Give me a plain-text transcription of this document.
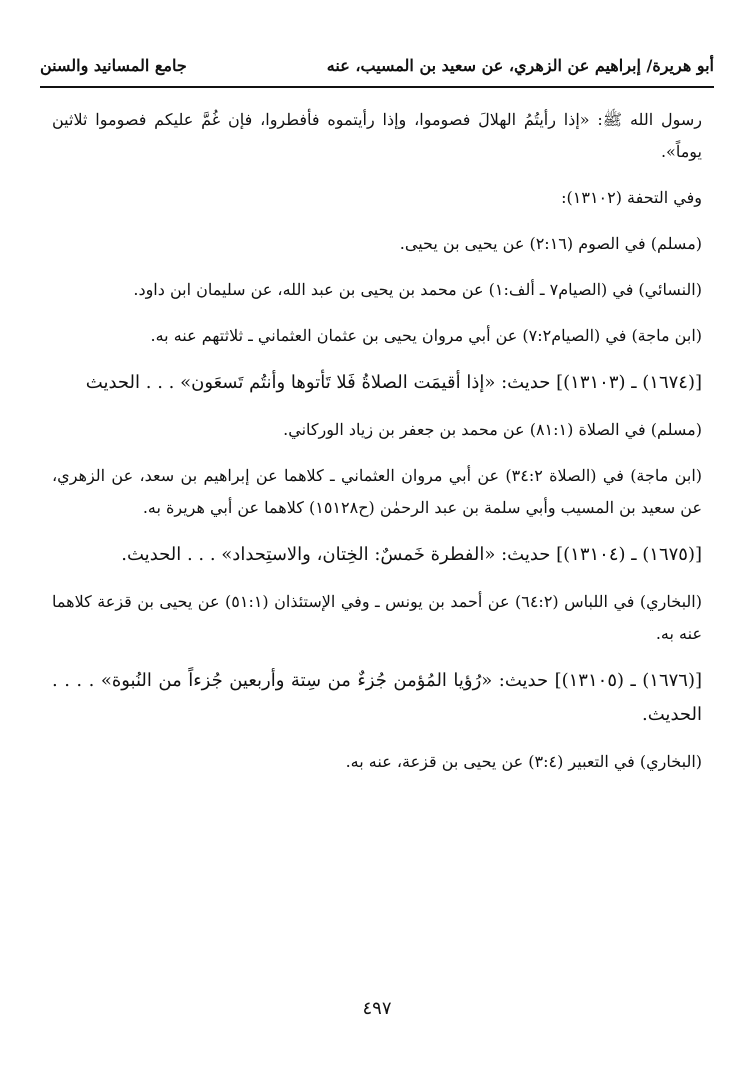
أبو هريرة/ إبراهيم عن الزهري، عن سعيد بن المسيب، عنه
جامع المسانيد والسنن

رسول الله ﷺ: «إذا رأيتُمُ الهلالَ فصوموا، وإذا رأيتموه فأفطروا، فإن غُمَّ عليكم فصوموا ثلاثين يوماً».

وفي التحفة (١٣١٠٢):

(مسلم) في الصوم (٢:١٦) عن يحيى بن يحيى.

(النسائي) في (الصيام٧ ـ ألف:١) عن محمد بن يحيى بن عبد الله، عن سليمان ابن داود.

(ابن ماجة) في (الصيام٧:٢) عن أبي مروان يحيى بن عثمان العثماني ـ ثلاثتهم عنه به.

[(١٦٧٤) ـ (١٣١٠٣)] حديث: «إذا أقيمَت الصلاةُ فَلا تَأتوها وأنتُم تَسعَون» . . . الحديث

(مسلم) في الصلاة (٨١:١) عن محمد بن جعفر بن زياد الوركاني.

(ابن ماجة) في (الصلاة ٣٤:٢) عن أبي مروان العثماني ـ كلاهما عن إبراهيم بن سعد، عن الزهري، عن سعيد بن المسيب وأبي سلمة بن عبد الرحمٰن (ح١٥١٢٨) كلاهما عن أبي هريرة به.

[(١٦٧٥) ـ (١٣١٠٤)] حديث: «الفطرة خَمسٌ: الخِتان، والاستِحداد» . . . الحديث.

(البخاري) في اللباس (٦٤:٢) عن أحمد بن يونس ـ وفي الإستئذان (٥١:١) عن يحيى بن قزعة كلاهما عنه به.

[(١٦٧٦) ـ (١٣١٠٥)] حديث: «رُؤيا المُؤمن جُزءٌ من سِتة وأربعين جُزءاً من النُبوة» . . . . الحديث.

(البخاري) في التعبير (٣:٤) عن يحيى بن قزعة، عنه به.

٤٩٧
